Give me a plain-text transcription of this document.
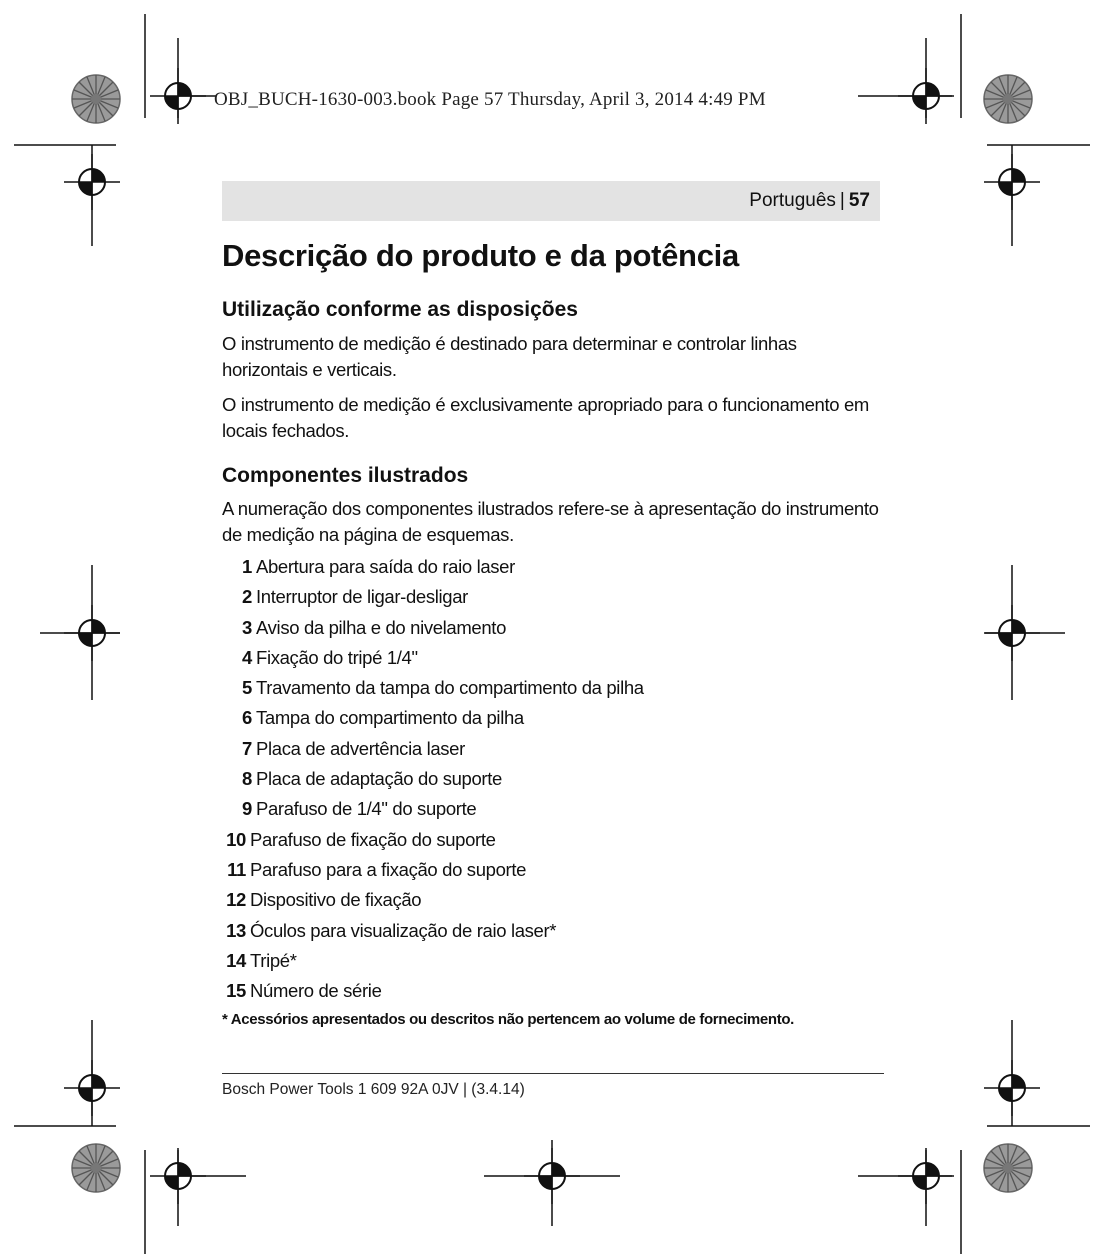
OBJ_BUCH-1630-003.book Page 57 Thursday, April 3, 2014 4:49 PM
Português | 57
Descrição do produto e da potência
Utilização conforme as disposições

O instrumento de medição é destinado para determinar e controlar linhas horizontais e verticais.

O instrumento de medição é exclusivamente apropriado para o funcionamento em locais fechados.

Componentes ilustrados

A numeração dos componentes ilustrados refere-se à apresentação do instrumento de medição na página de esquemas.

1 Abertura para saída do raio laser
2 Interruptor de ligar-desligar
3 Aviso da pilha e do nivelamento
4 Fixação do tripé 1/4"
5 Travamento da tampa do compartimento da pilha
6 Tampa do compartimento da pilha
7 Placa de advertência laser
8 Placa de adaptação do suporte
9 Parafuso de 1/4" do suporte
10 Parafuso de fixação do suporte
11 Parafuso para a fixação do suporte
12 Dispositivo de fixação
13 Óculos para visualização de raio laser*
14 Tripé*
15 Número de série

* Acessórios apresentados ou descritos não pertencem ao volume de fornecimento.

Bosch Power Tools 1 609 92A 0JV | (3.4.14)
